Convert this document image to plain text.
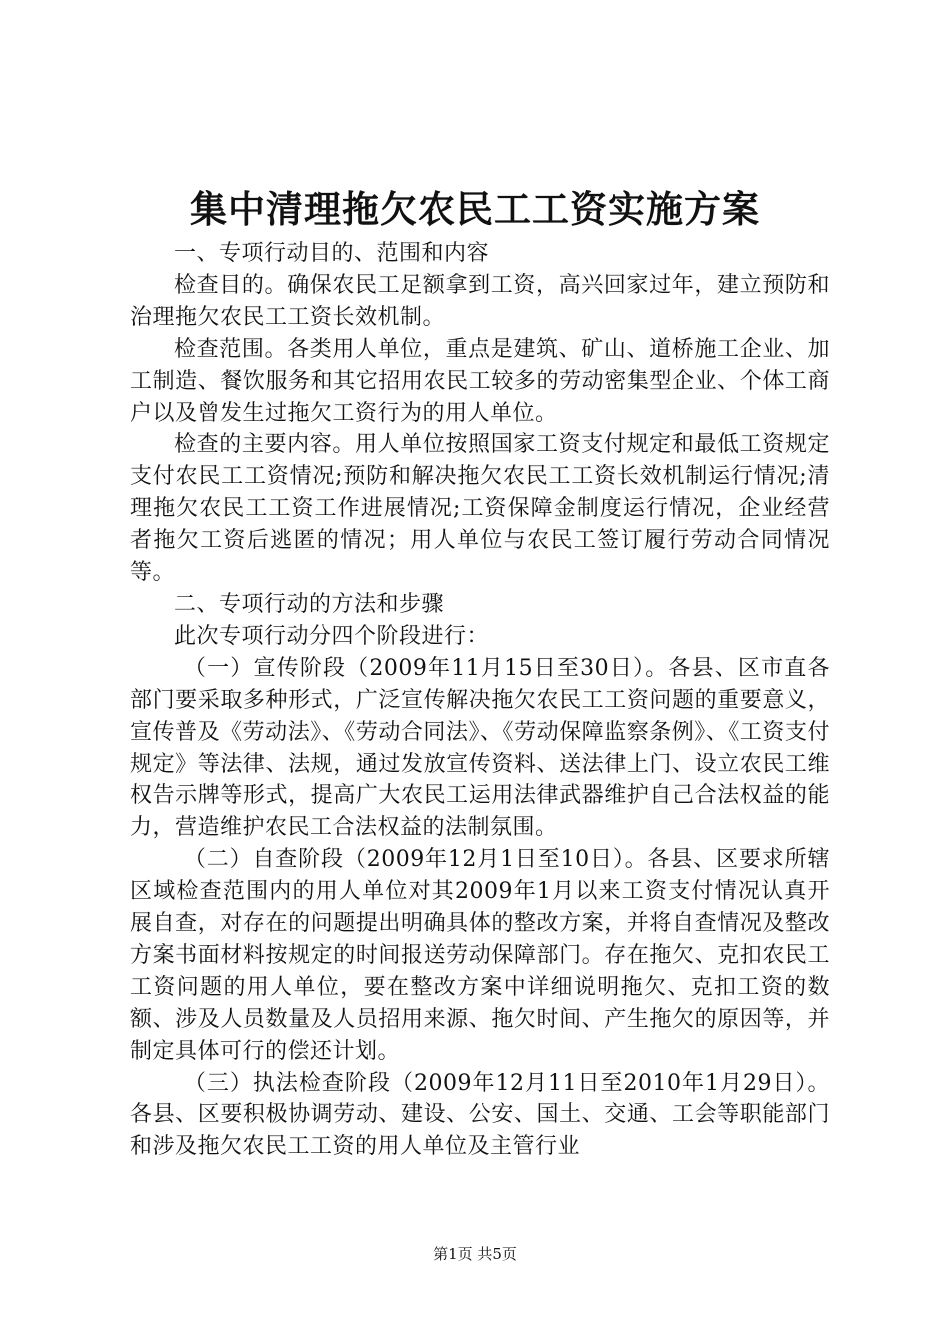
集中清理拖欠农民工工资实施方案

一、专项行动目的、范围和内容

检查目的。确保农民工足额拿到工资，高兴回家过年，建立预防和治理拖欠农民工工资长效机制。

检查范围。各类用人单位，重点是建筑、矿山、道桥施工企业、加工制造、餐饮服务和其它招用农民工较多的劳动密集型企业、个体工商户以及曾发生过拖欠工资行为的用人单位。

检查的主要内容。用人单位按照国家工资支付规定和最低工资规定支付农民工工资情况;预防和解决拖欠农民工工资长效机制运行情况;清理拖欠农民工工资工作进展情况;工资保障金制度运行情况，企业经营者拖欠工资后逃匿的情况；用人单位与农民工签订履行劳动合同情况等。

二、专项行动的方法和步骤

此次专项行动分四个阶段进行：

（一）宣传阶段（2009年11月15日至30日）。各县、区市直各部门要采取多种形式，广泛宣传解决拖欠农民工工资问题的重要意义，宣传普及《劳动法》、《劳动合同法》、《劳动保障监察条例》、《工资支付规定》等法律、法规，通过发放宣传资料、送法律上门、设立农民工维权告示牌等形式，提高广大农民工运用法律武器维护自己合法权益的能力，营造维护农民工合法权益的法制氛围。

（二）自查阶段（2009年12月1日至10日）。各县、区要求所辖区域检查范围内的用人单位对其2009年1月以来工资支付情况认真开展自查，对存在的问题提出明确具体的整改方案，并将自查情况及整改方案书面材料按规定的时间报送劳动保障部门。存在拖欠、克扣农民工工资问题的用人单位，要在整改方案中详细说明拖欠、克扣工资的数额、涉及人员数量及人员招用来源、拖欠时间、产生拖欠的原因等，并制定具体可行的偿还计划。

（三）执法检查阶段（2009年12月11日至2010年1月29日）。各县、区要积极协调劳动、建设、公安、国土、交通、工会等职能部门和涉及拖欠农民工工资的用人单位及主管行业

第1页 共5页
